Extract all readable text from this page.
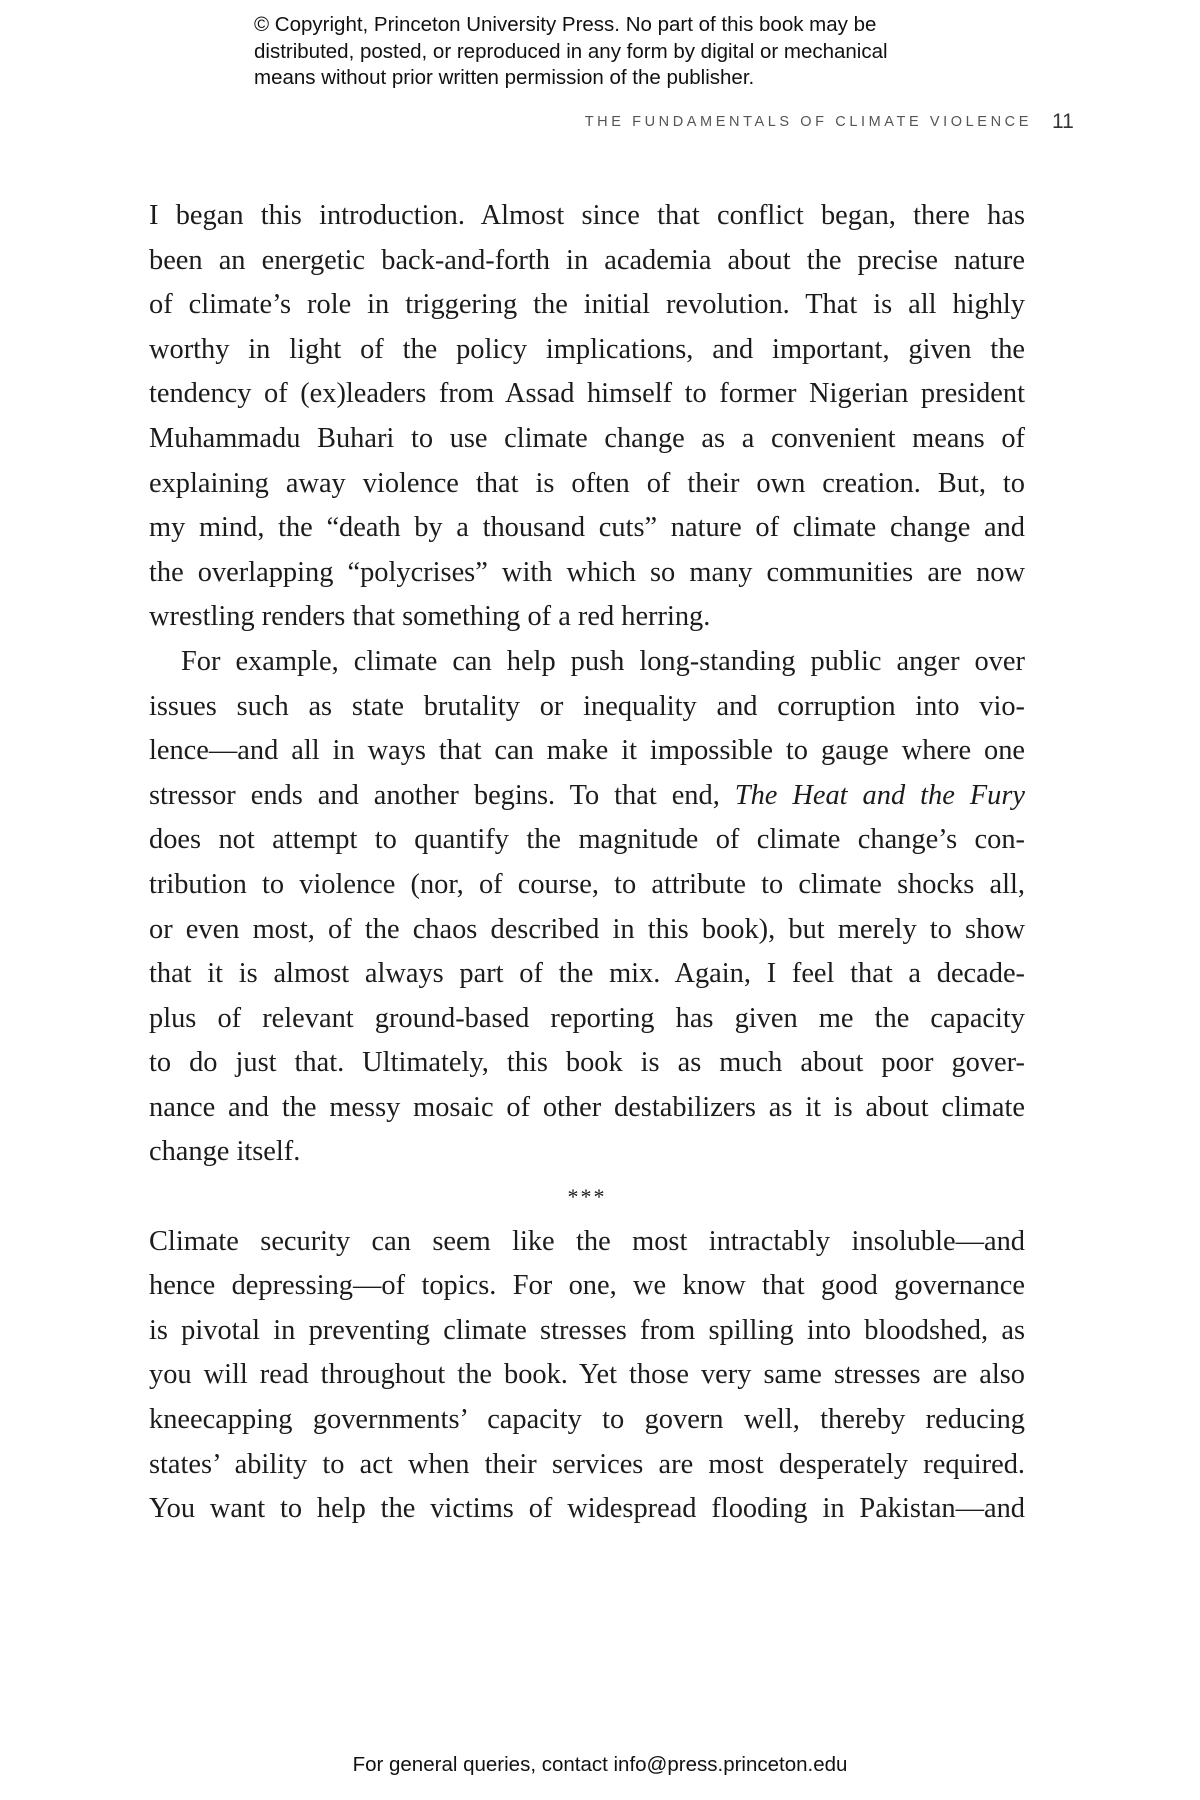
© Copyright, Princeton University Press. No part of this book may be
distributed, posted, or reproduced in any form by digital or mechanical
means without prior written permission of the publisher.
THE FUNDAMENTALS OF CLIMATE VIOLENCE 11
I began this introduction. Almost since that conflict began, there has
been an energetic back-and-forth in academia about the precise nature
of climate’s role in triggering the initial revolution. That is all highly
worthy in light of the policy implications, and important, given the
tendency of (ex)leaders from Assad himself to former Nigerian president
Muhammadu Buhari to use climate change as a convenient means of
explaining away violence that is often of their own creation. But, to
my mind, the “death by a thousand cuts” nature of climate change and
the overlapping “polycrises” with which so many communities are now
wrestling renders that something of a red herring.
For example, climate can help push long-standing public anger over
issues such as state brutality or inequality and corruption into vio-
lence—and all in ways that can make it impossible to gauge where one
stressor ends and another begins. To that end, The Heat and the Fury
does not attempt to quantify the magnitude of climate change’s con-
tribution to violence (nor, of course, to attribute to climate shocks all,
or even most, of the chaos described in this book), but merely to show
that it is almost always part of the mix. Again, I feel that a decade-
plus of relevant ground-based reporting has given me the capacity
to do just that. Ultimately, this book is as much about poor gover-
nance and the messy mosaic of other destabilizers as it is about climate
change itself.
***
Climate security can seem like the most intractably insoluble—and
hence depressing—of topics. For one, we know that good governance
is pivotal in preventing climate stresses from spilling into bloodshed, as
you will read throughout the book. Yet those very same stresses are also
kneecapping governments’ capacity to govern well, thereby reducing
states’ ability to act when their services are most desperately required.
You want to help the victims of widespread flooding in Pakistan—and
For general queries, contact info@press.princeton.edu
